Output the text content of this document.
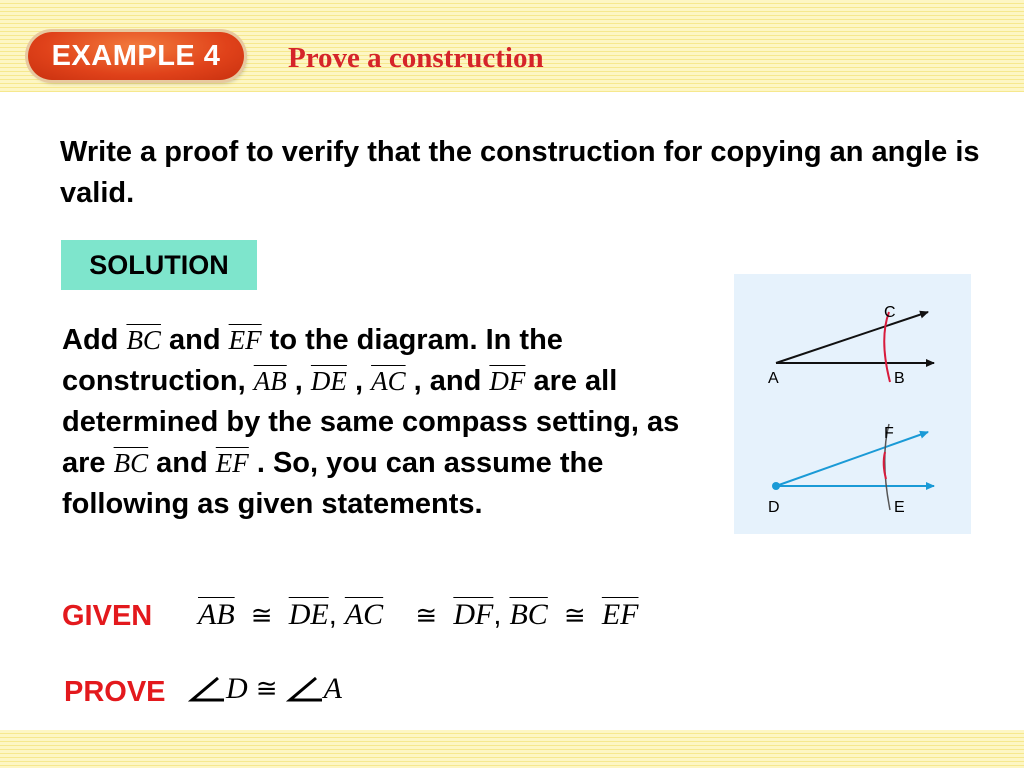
EXAMPLE 4	Prove a construction
Write a proof to verify that the construction for copying an angle is valid.
SOLUTION
Add $\overline{BC}$ and $\overline{EF}$ to the diagram. In the construction, $\overline{AB}$ , $\overline{DE}$ , $\overline{AC}$ , and $\overline{DF}$ are all determined by the same compass setting, as are $\overline{BC}$ and $\overline{EF}$ . So, you can assume the following as given statements.
A	B
C
D	E
F
GIVEN $\overline{AB}$ ≅ $\overline{DE}$, $\overline{AC}$ ≅ $\overline{DF}$, $\overline{BC}$ ≅ $\overline{EF}$
PROVE D
≅
A
